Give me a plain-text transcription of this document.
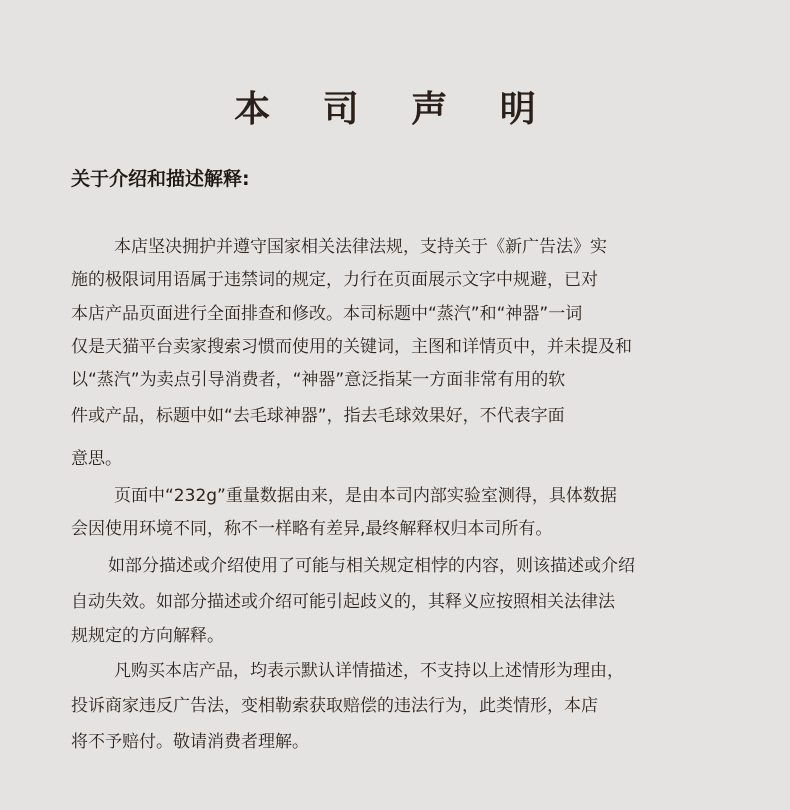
本 司 声 明
关于介绍和描述解释:
本店坚决拥护并遵守国家相关法律法规，支持关于《新广告法》实
施的极限词用语属于违禁词的规定，力行在页面展示文字中规避，已对
本店产品页面进行全面排查和修改。本司标题中“蒸汽”和“神器”一词
仅是天猫平台卖家搜索习惯而使用的关键词，主图和详情页中，并未提及和
以“蒸汽”为卖点引导消费者，“神器”意泛指某一方面非常有用的软
件或产品，标题中如“去毛球神器”，指去毛球效果好，不代表字面
意思。
页面中“232g”重量数据由来，是由本司内部实验室测得，具体数据
会因使用环境不同，称不一样略有差异,最终解释权归本司所有。
如部分描述或介绍使用了可能与相关规定相悖的内容，则该描述或介绍
自动失效。如部分描述或介绍可能引起歧义的，其释义应按照相关法律法
规规定的方向解释。
凡购买本店产品，均表示默认详情描述，不支持以上述情形为理由，
投诉商家违反广告法，变相勒索获取赔偿的违法行为，此类情形，本店
将不予赔付。敬请消费者理解。
